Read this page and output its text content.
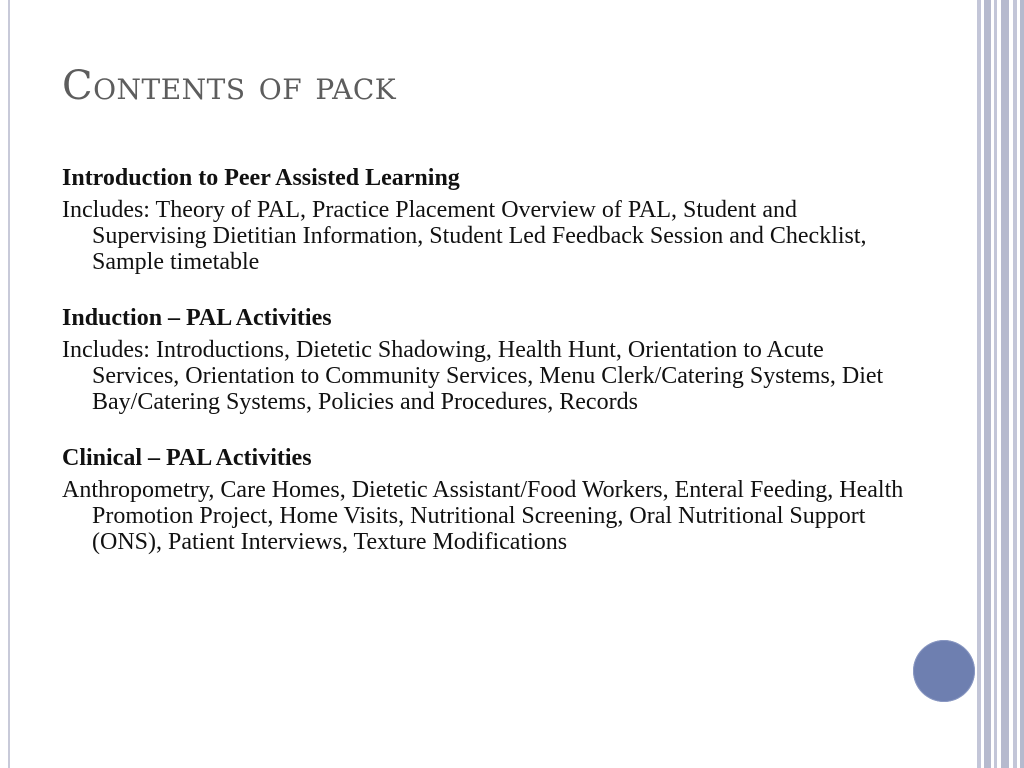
Contents of pack
Introduction to Peer Assisted Learning

Includes: Theory of PAL, Practice Placement Overview of PAL, Student and Supervising Dietitian Information, Student Led Feedback Session and Checklist, Sample timetable

Induction – PAL Activities

Includes: Introductions, Dietetic Shadowing, Health Hunt, Orientation to Acute Services, Orientation to Community Services, Menu Clerk/Catering Systems, Diet Bay/Catering Systems, Policies and Procedures, Records

Clinical – PAL Activities

Anthropometry, Care Homes, Dietetic Assistant/Food Workers, Enteral Feeding, Health Promotion Project, Home Visits, Nutritional Screening, Oral Nutritional Support (ONS), Patient Interviews, Texture Modifications
